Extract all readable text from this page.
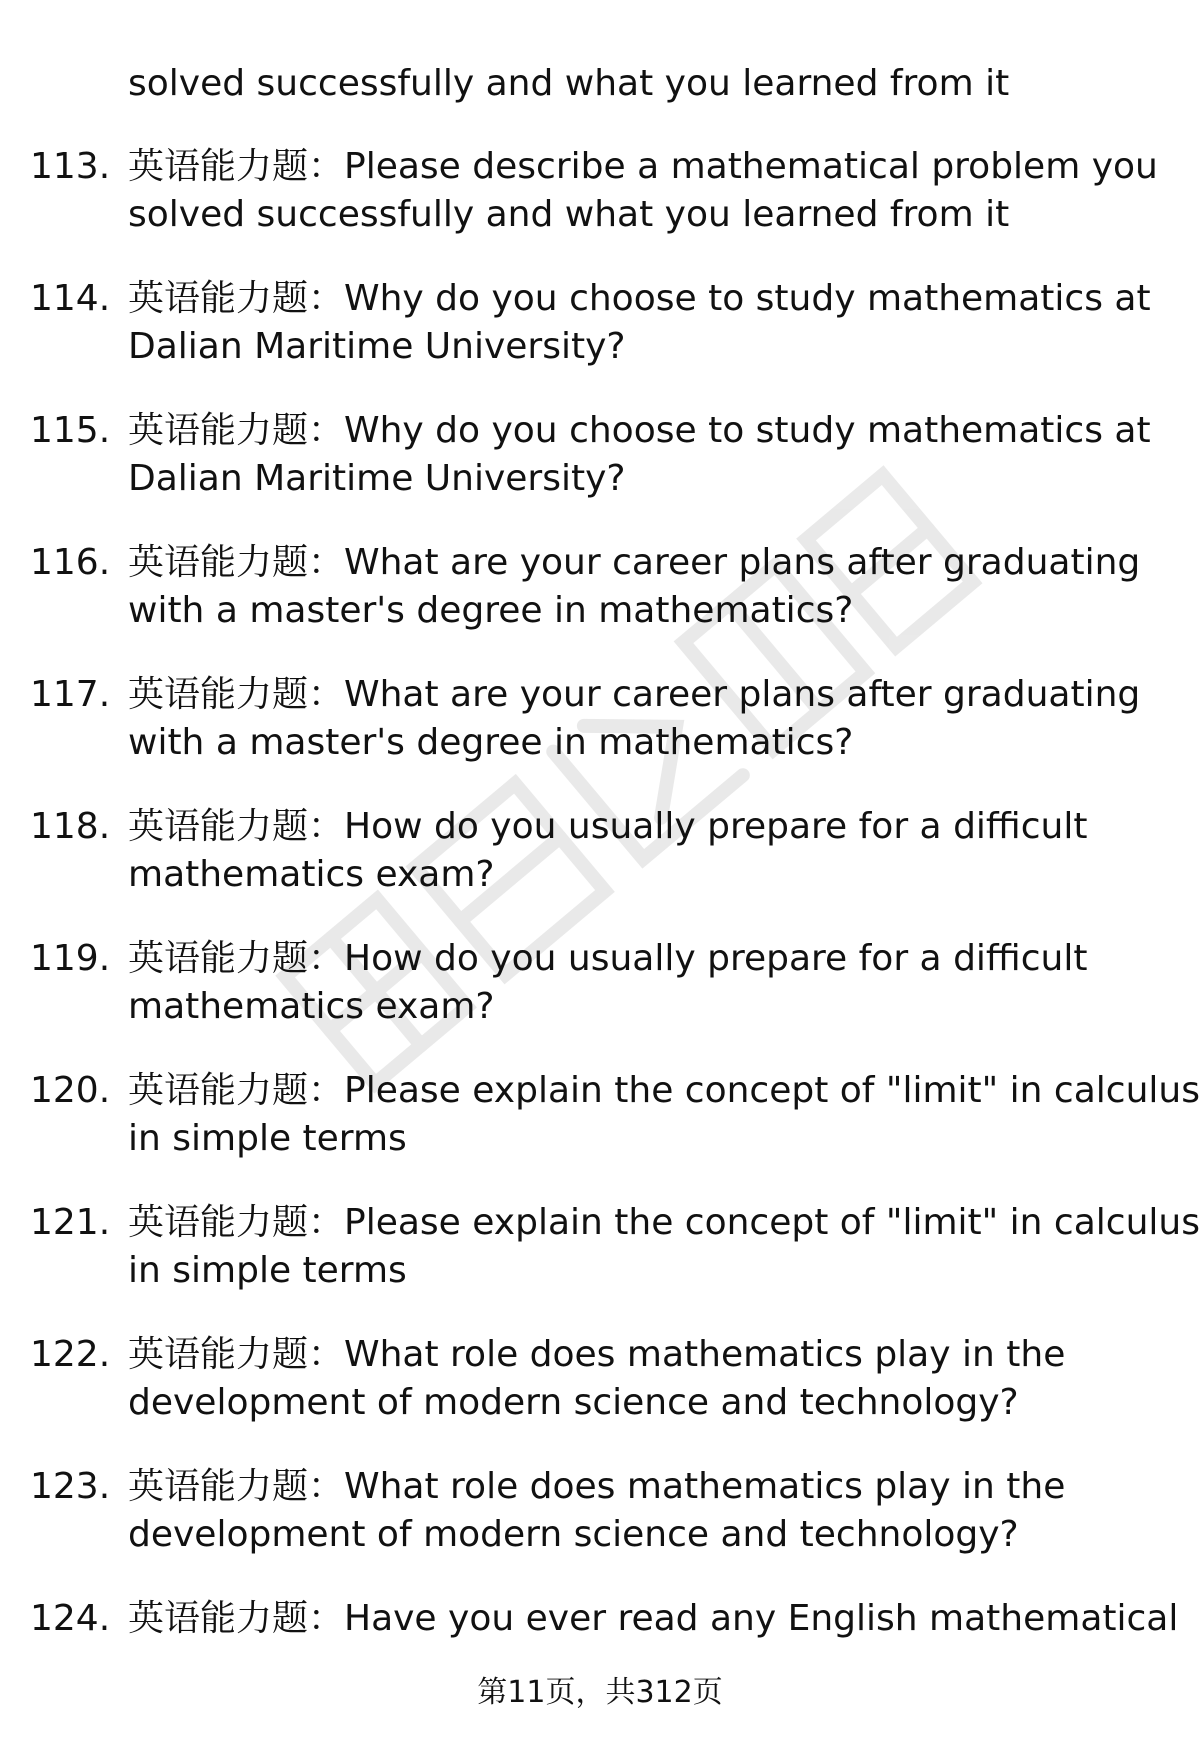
solved successfully and what you learned from it
113. 英语能力题：Please describe a mathematical problem you
solved successfully and what you learned from it
114. 英语能力题：Why do you choose to study mathematics at
Dalian Maritime University?
115. 英语能力题：Why do you choose to study mathematics at
Dalian Maritime University?
116. 英语能力题：What are your career plans after graduating
with a master's degree in mathematics?
117. 英语能力题：What are your career plans after graduating
with a master's degree in mathematics?
118. 英语能力题：How do you usually prepare for a difficult
mathematics exam?
119. 英语能力题：How do you usually prepare for a difficult
mathematics exam?
120. 英语能力题：Please explain the concept of "limit" in calculus
in simple terms
121. 英语能力题：Please explain the concept of "limit" in calculus
in simple terms
122. 英语能力题：What role does mathematics play in the
development of modern science and technology?
123. 英语能力题：What role does mathematics play in the
development of modern science and technology?
124. 英语能力题：Have you ever read any English mathematical
第11页，共312页
